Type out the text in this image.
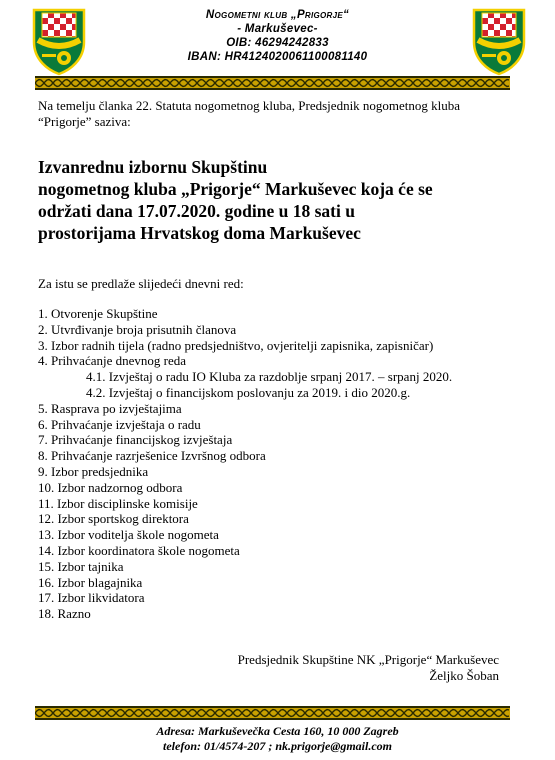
Nogometni klub „Prigorje“
- Markuševec-
OIB: 46294242833
IBAN: HR4124020061100081140
Na temelju članka 22. Statuta nogometnog kluba, Predsjednik nogometnog kluba “Prigorje” saziva:
Izvanrednu izbornu Skupštinu
nogometnog kluba „Prigorje“ Markuševec koja će se
održati dana 17.07.2020. godine u 18 sati u
prostorijama Hrvatskog doma Markuševec
Za istu se predlaže slijedeći dnevni red:
1. Otvorenje Skupštine
2. Utvrđivanje broja prisutnih članova
3. Izbor radnih tijela (radno predsjedništvo, ovjeritelji zapisnika, zapisničar)
4. Prihvaćanje dnevnog reda
4.1. Izvještaj o radu IO Kluba za razdoblje srpanj 2017. – srpanj 2020.
4.2. Izvještaj o financijskom poslovanju za 2019. i dio 2020.g.
5. Rasprava po izvještajima
6. Prihvaćanje izvještaja o radu
7. Prihvaćanje financijskog izvještaja
8. Prihvaćanje razrješenice Izvršnog odbora
9. Izbor predsjednika
10. Izbor nadzornog odbora
11. Izbor disciplinske komisije
12. Izbor sportskog direktora
13. Izbor voditelja škole nogometa
14. Izbor koordinatora škole nogometa
15. Izbor tajnika
16. Izbor blagajnika
17. Izbor likvidatora
18. Razno
Predsjednik Skupštine NK „Prigorje“ Markuševec
Željko Šoban
Adresa: Markuševečka Cesta 160, 10 000 Zagreb
telefon: 01/4574-207 ; nk.prigorje@gmail.com
